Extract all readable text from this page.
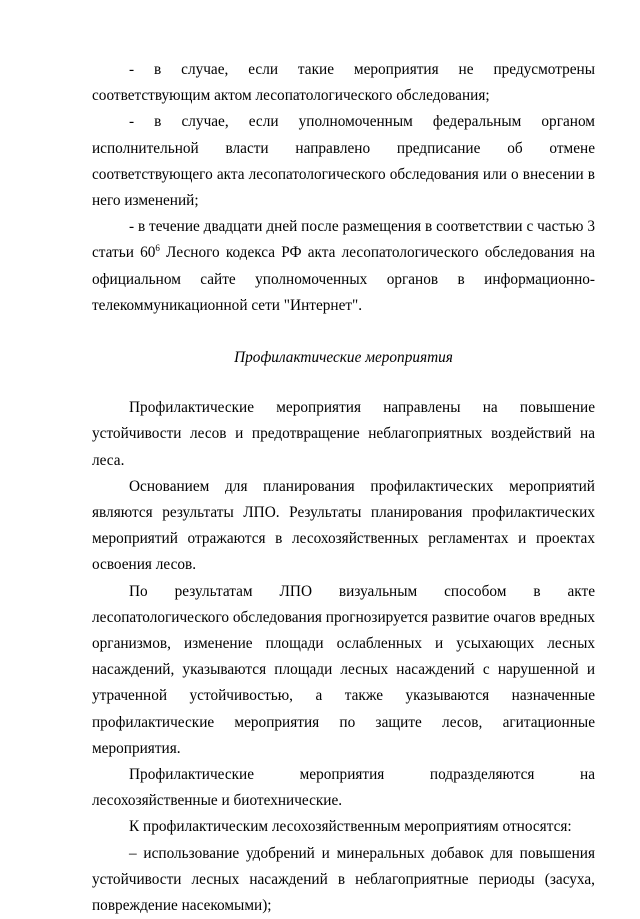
- в случае, если такие мероприятия не предусмотрены соответствующим актом лесопатологического обследования;

- в случае, если уполномоченным федеральным органом исполнительной власти направлено предписание об отмене соответствующего акта лесопатологического обследования или о внесении в него изменений;

- в течение двадцати дней после размещения в соответствии с частью 3 статьи $60^6$ Лесного кодекса РФ акта лесопатологического обследования на официальном сайте уполномоченных органов в информационно-телекоммуникационной сети "Интернет".

Профилактические мероприятия

Профилактические мероприятия направлены на повышение устойчивости лесов и предотвращение неблагоприятных воздействий на леса.

Основанием для планирования профилактических мероприятий являются результаты ЛПО. Результаты планирования профилактических мероприятий отражаются в лесохозяйственных регламентах и проектах освоения лесов.

По результатам ЛПО визуальным способом в акте лесопатологического обследования прогнозируется развитие очагов вредных организмов, изменение площади ослабленных и усыхающих лесных насаждений, указываются площади лесных насаждений с нарушенной и утраченной устойчивостью, а также указываются назначенные профилактические мероприятия по защите лесов, агитационные мероприятия.

Профилактические мероприятия подразделяются на лесохозяйственные и биотехнические.

К профилактическим лесохозяйственным мероприятиям относятся:

– использование удобрений и минеральных добавок для повышения устойчивости лесных насаждений в неблагоприятные периоды (засуха, повреждение насекомыми);
